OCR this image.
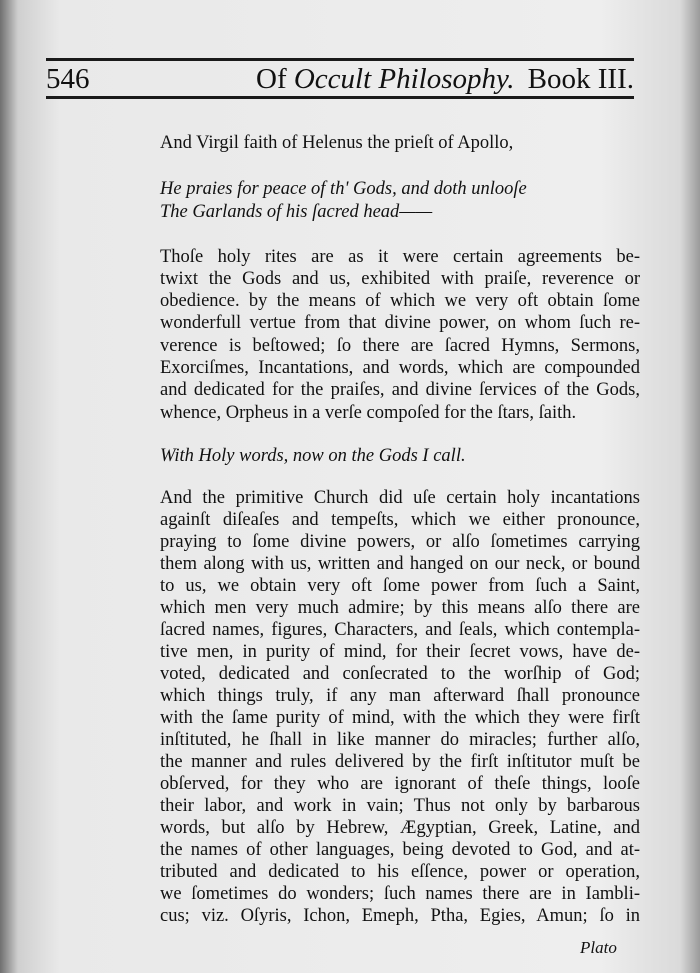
546	Of Occult Philosophy. Book III.
And Virgil faith of Helenus the prieſt of Apollo,
He praies for peace of th' Gods, and doth unlooſe
The Garlands of his ſacred head——
Thoſe holy rites are as it were certain agreements be-
twixt the Gods and us, exhibited with praiſe, reverence or
obedience. by the means of which we very oft obtain ſome
wonderfull vertue from that divine power, on whom ſuch re-
verence is beſtowed; ſo there are ſacred Hymns, Sermons,
Exorciſmes, Incantations, and words, which are compounded
and dedicated for the praiſes, and divine ſervices of the Gods,
whence, Orpheus in a verſe compoſed for the ſtars, ſaith.
With Holy words, now on the Gods I call.
And the primitive Church did uſe certain holy incantations
againſt diſeaſes and tempeſts, which we either pronounce,
praying to ſome divine powers, or alſo ſometimes carrying
them along with us, written and hanged on our neck, or bound
to us, we obtain very oft ſome power from ſuch a Saint,
which men very much admire; by this means alſo there are
ſacred names, figures, Characters, and ſeals, which contempla-
tive men, in purity of mind, for their ſecret vows, have de-
voted, dedicated and conſecrated to the worſhip of God;
which things truly, if any man afterward ſhall pronounce
with the ſame purity of mind, with the which they were firſt
inſtituted, he ſhall in like manner do miracles; further alſo,
the manner and rules delivered by the firſt inſtitutor muſt be
obſerved, for they who are ignorant of theſe things, looſe
their labor, and work in vain; Thus not only by barbarous
words, but alſo by Hebrew, Ægyptian, Greek, Latine, and
the names of other languages, being devoted to God, and at-
tributed and dedicated to his eſſence, power or operation,
we ſometimes do wonders; ſuch names there are in Iambli-
cus; viz. Oſyris, Ichon, Emeph, Ptha, Egies, Amun; ſo in
Plato
